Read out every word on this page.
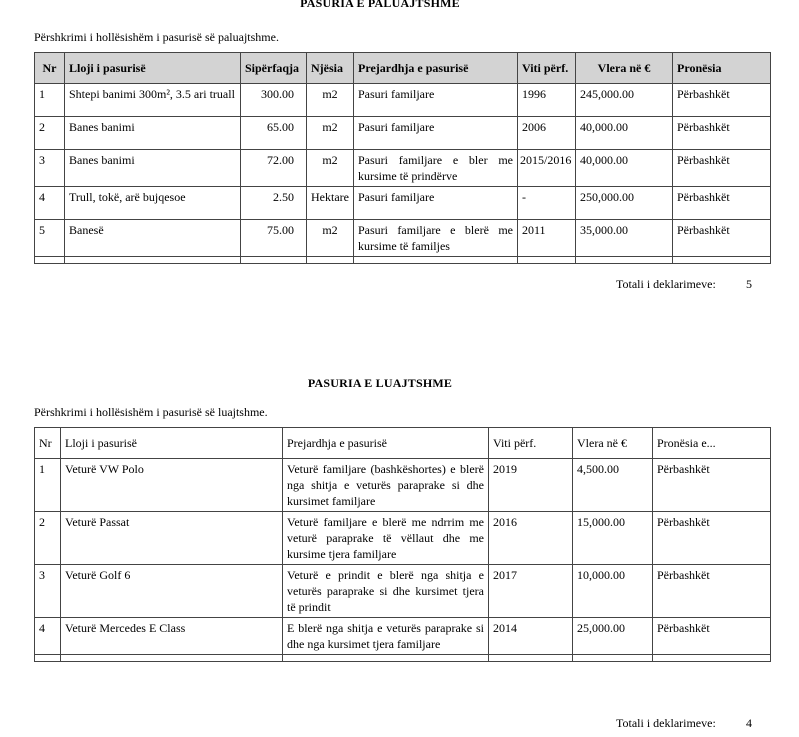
PASURIA E PALUAJTSHME
Përshkrimi i hollësishëm i pasurisë së paluajtshme.
Nr	Lloji i pasurisë	Sipërfaqja	Njësia	Prejardhja e pasurisë	Viti përf.	Vlera në €	Pronësia
1	Shtepi banimi 300m², 3.5 ari truall	300.00	m2	Pasuri familjare	1996	245,000.00	Përbashkët
2	Banes banimi	65.00	m2	Pasuri familjare	2006	40,000.00	Përbashkët
3	Banes banimi	72.00	m2	Pasuri familjare e bler me kursime të prindërve	2015/2016	40,000.00	Përbashkët
4	Trull, tokë, arë bujqesoe	2.50	Hektare	Pasuri familjare	-	250,000.00	Përbashkët
5	Banesë	75.00	m2	Pasuri familjare e blerë me kursime të familjes	2011	35,000.00	Përbashkët

Totali i deklarimeve:	5
PASURIA E LUAJTSHME
Përshkrimi i hollësishëm i pasurisë së luajtshme.
Nr	Lloji i pasurisë	Prejardhja e pasurisë	Viti përf.	Vlera në €	Pronësia e...
1	Veturë VW Polo	Veturë familjare (bashkëshortes) e blerë nga shitja e veturës paraprake si dhe kursimet familjare	2019	4,500.00	Përbashkët
2	Veturë Passat	Veturë familjare e blerë me ndrrim me veturë paraprake të vëllaut dhe me kursime tjera familjare	2016	15,000.00	Përbashkët
3	Veturë Golf 6	Veturë e prindit e blerë nga shitja e veturës paraprake si dhe kursimet tjera të prindit	2017	10,000.00	Përbashkët
4	Veturë Mercedes E Class	E blerë nga shitja e veturës paraprake si dhe nga kursimet tjera familjare	2014	25,000.00	Përbashkët

Totali i deklarimeve:	4
